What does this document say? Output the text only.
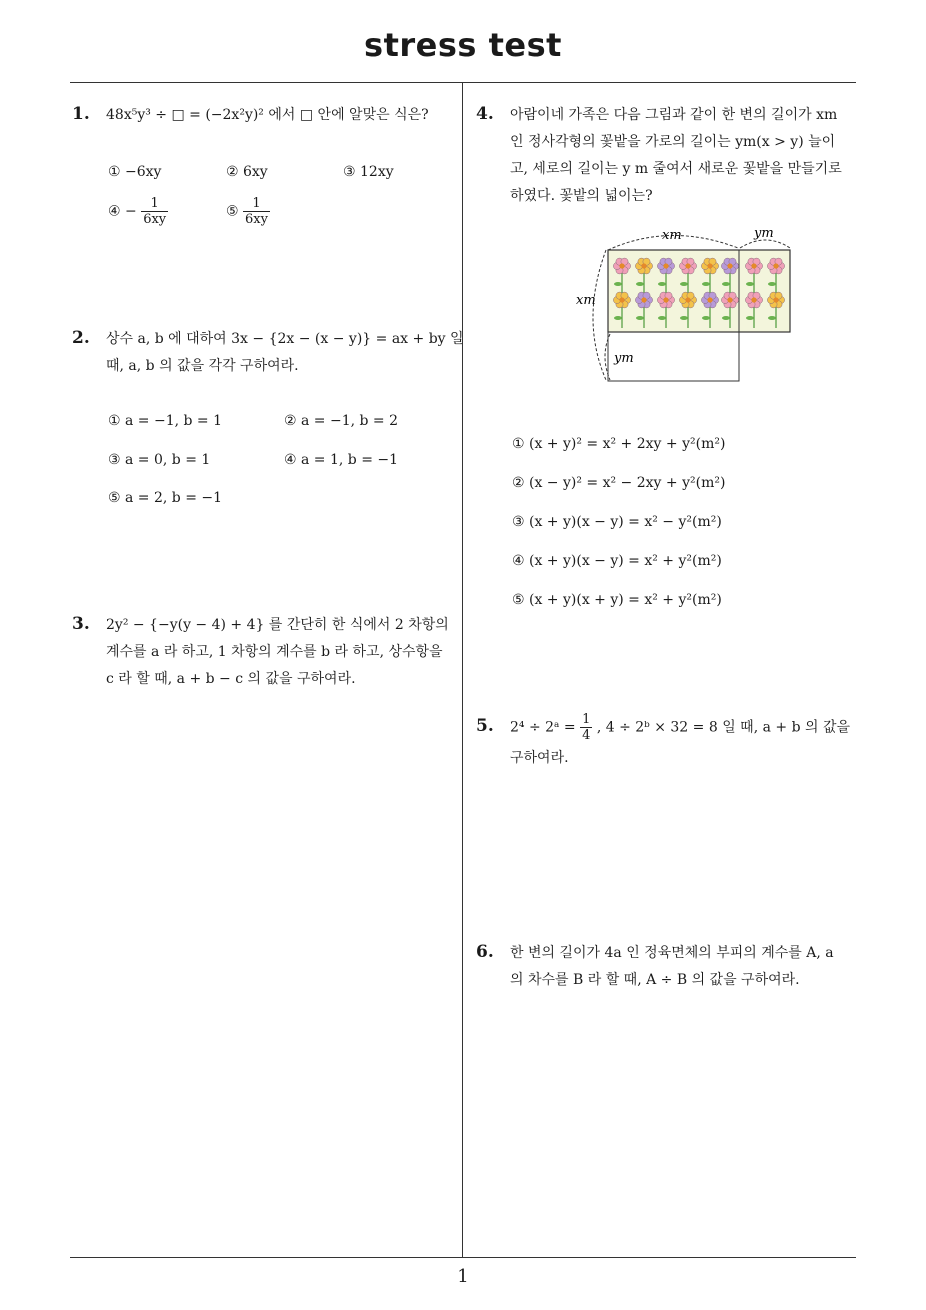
stress test
1
1. 48x⁵y³ ÷ □ = (−2x²y)² 에서 □ 안에 알맞은 식은?
① −6xy	② 6xy	③ 12xy
④ − $\frac{1}{6xy}$	⑤ $\frac{1}{6xy}$
2. 상수 a, b 에 대하여 3x − {2x − (x − y)} = ax + by 일
때, a, b 의 값을 각각 구하여라.
① a = −1, b = 1	② a = −1, b = 2
③ a = 0, b = 1	④ a = 1, b = −1
⑤ a = 2, b = −1
3. 2y² − {−y(y − 4) + 4} 를 간단히 한 식에서 2 차항의
계수를 a 라 하고, 1 차항의 계수를 b 라 하고, 상수항을
c 라 할 때, a + b − c 의 값을 구하여라.
4. 아람이네 가족은 다음 그림과 같이 한 변의 길이가 xm
인 정사각형의 꽃밭을 가로의 길이는 ym(x > y) 늘이
고, 세로의 길이는 y m 줄여서 새로운 꽃밭을 만들기로
하였다. 꽃밭의 넓이는?
xm	ym
xm
ym
① (x + y)² = x² + 2xy + y²(m²)
② (x − y)² = x² − 2xy + y²(m²)
③ (x + y)(x − y) = x² − y²(m²)
④ (x + y)(x − y) = x² + y²(m²)
⑤ (x + y)(x + y) = x² + y²(m²)
5. 2⁴ ÷ 2ᵃ = $\frac{1}{4}$ , 4 ÷ 2ᵇ × 32 = 8 일 때, a + b 의 값을
구하여라.
6. 한 변의 길이가 4a 인 정육면체의 부피의 계수를 A, a
의 차수를 B 라 할 때, A ÷ B 의 값을 구하여라.
